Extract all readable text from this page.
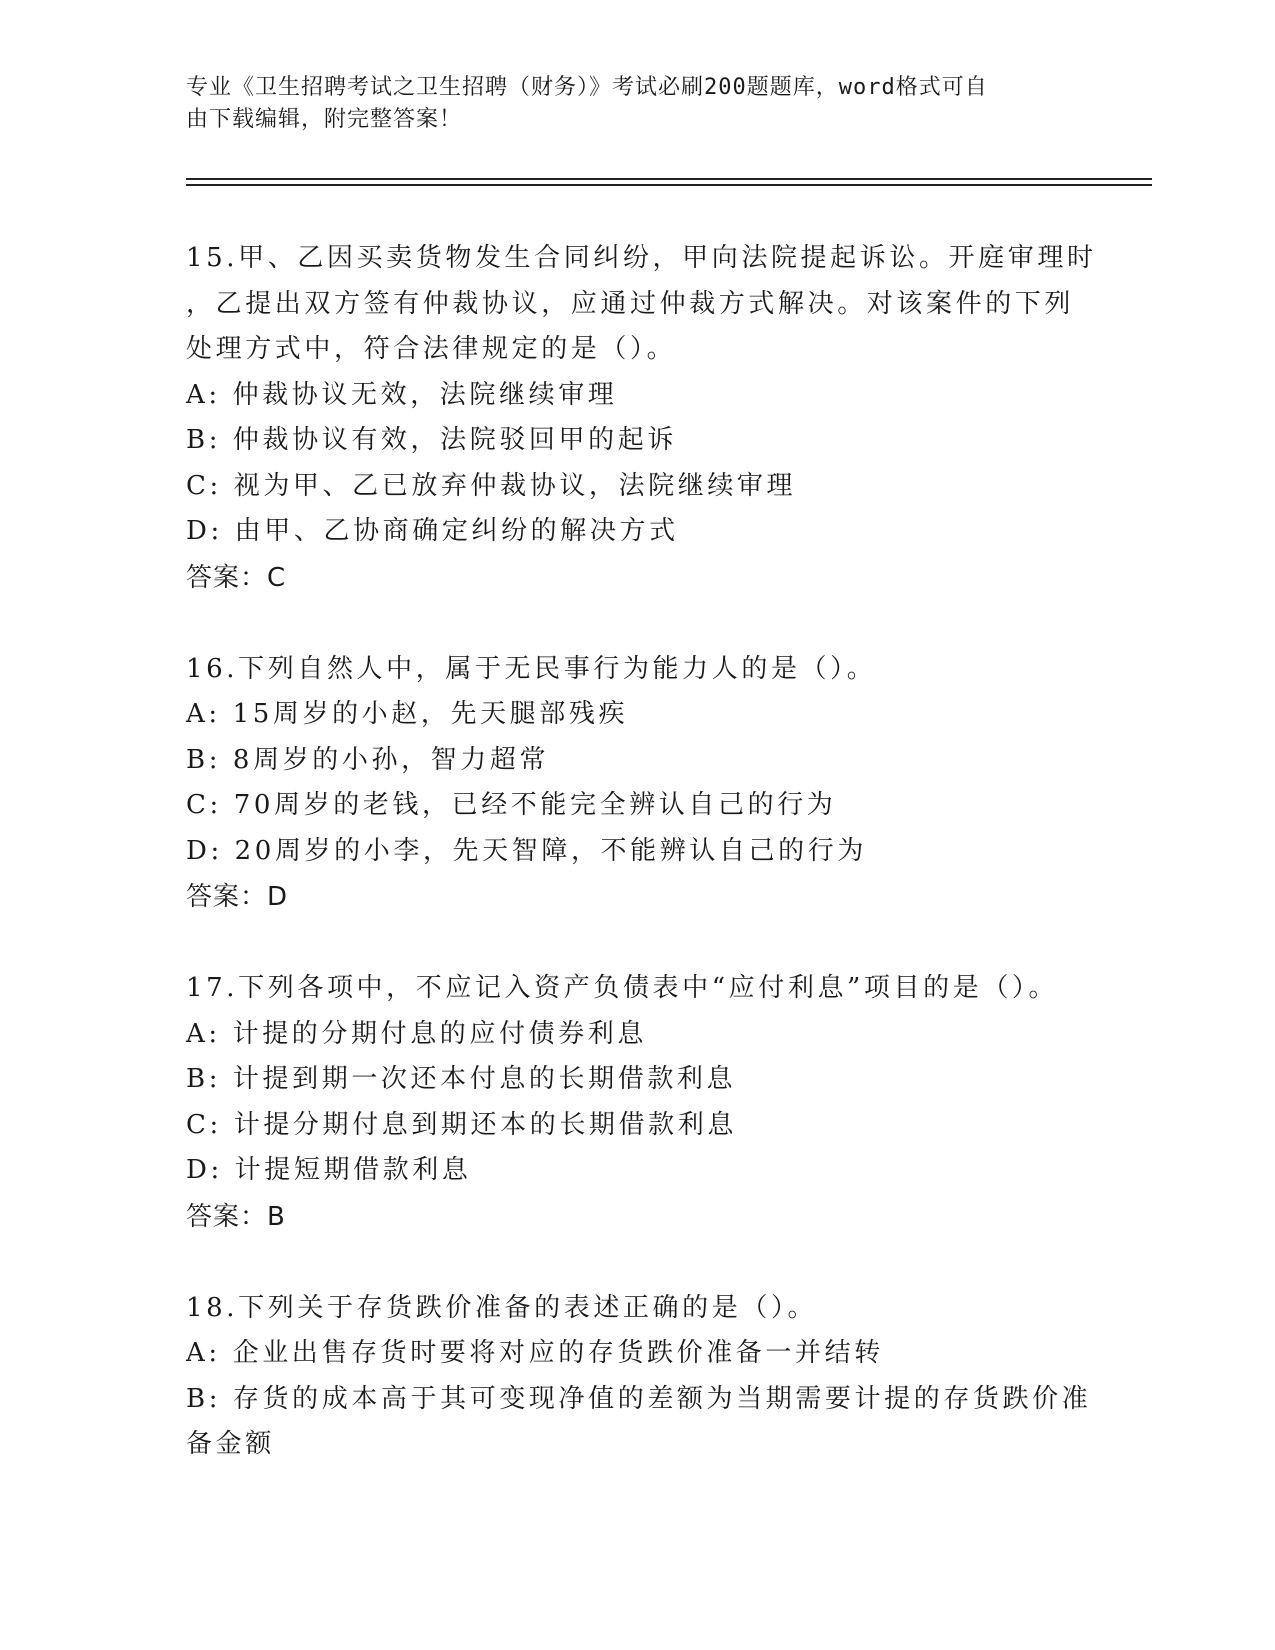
专业《卫生招聘考试之卫生招聘（财务）》考试必刷200题题库，word格式可自
由下载编辑，附完整答案！
15.甲、乙因买卖货物发生合同纠纷，甲向法院提起诉讼。开庭审理时
，乙提出双方签有仲裁协议，应通过仲裁方式解决。对该案件的下列
处理方式中，符合法律规定的是（）。
A: 仲裁协议无效，法院继续审理
B: 仲裁协议有效，法院驳回甲的起诉
C: 视为甲、乙已放弃仲裁协议，法院继续审理
D: 由甲、乙协商确定纠纷的解决方式
答案：C
16.下列自然人中，属于无民事行为能力人的是（）。
A: 15周岁的小赵，先天腿部残疾
B: 8周岁的小孙，智力超常
C: 70周岁的老钱，已经不能完全辨认自己的行为
D: 20周岁的小李，先天智障，不能辨认自己的行为
答案：D
17.下列各项中，不应记入资产负债表中“应付利息”项目的是（）。
A: 计提的分期付息的应付债券利息
B: 计提到期一次还本付息的长期借款利息
C: 计提分期付息到期还本的长期借款利息
D: 计提短期借款利息
答案：B
18.下列关于存货跌价准备的表述正确的是（）。
A: 企业出售存货时要将对应的存货跌价准备一并结转
B: 存货的成本高于其可变现净值的差额为当期需要计提的存货跌价准
备金额
